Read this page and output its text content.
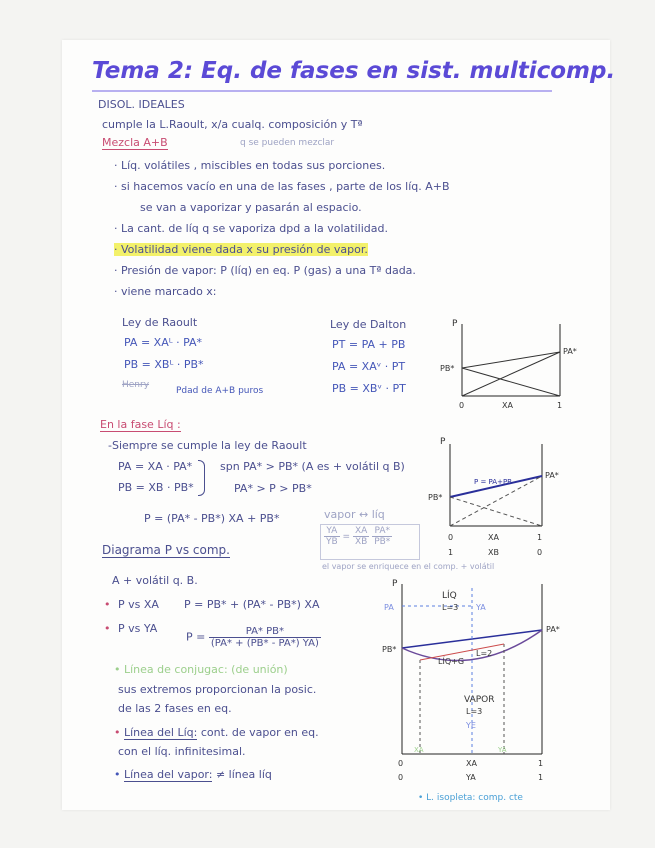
Tema 2: Eq. de fases en sist. multicomp.
DISOL. IDEALES
cumple la L.Raoult, x/a cualq. composición y Tª
Mezcla A+B	q se pueden mezclar
· Líq. volátiles , miscibles en todas sus porciones.
· si hacemos vacío en una de las fases , parte de los líq. A+B
se van a vaporizar y pasarán al espacio.
· La cant. de líq q se vaporiza dpd a la volatilidad.
· Volatilidad viene dada x su presión de vapor.
· Presión de vapor: P (líq) en eq. P (gas) a una Tª dada.
· viene marcado x:
Ley de Raoult
PA = XAᴸ · PA*
PB = XBᴸ · PB*
Henry
Pdad de A+B puros
Ley de Dalton
PT = PA + PB
PA = XAᵛ · PT
PB = XBᵛ · PT
P
PB*
PA*
0	1
XA
En la fase Líq :
-Siempre se cumple la ley de Raoult
PA = XA · PA*
PB = XB · PB*
spn PA* > PB* (A es + volátil q B)
PA* > P > PB*
P = (PA* - PB*) XA + PB*	vapor ↔ líq
$\frac{YA}{YB} = \frac{XA}{XB}$
$\frac{PA*}{PB*}$
el vapor se enriquece en el comp. + volátil
P
PB*
PA*
P = PA+PB
0	1
XA
1	0
XB
Diagrama P vs comp.
A + volátil q. B.
• P vs XA P = PB* + (PA* - PB*) XA
• P vs YA
$P = \frac{PA* PB*}{(PA* + (PB* - PA*) YA)}$
• Línea de conjugac: (de unión)
sus extremos proporcionan la posic.
de las 2 fases en eq.
• Línea del Líq: cont. de vapor en eq.
con el líq. infinitesimal.
• Línea del vapor: ≠ línea líq
P
PA
PB*
PA*
LÍQ
L=3 YA
LÍQ+G
L=2
VAPOR
L=3
YE
XA	YA
0
0
1
1
XA
YA
• L. isopleta: comp. cte
